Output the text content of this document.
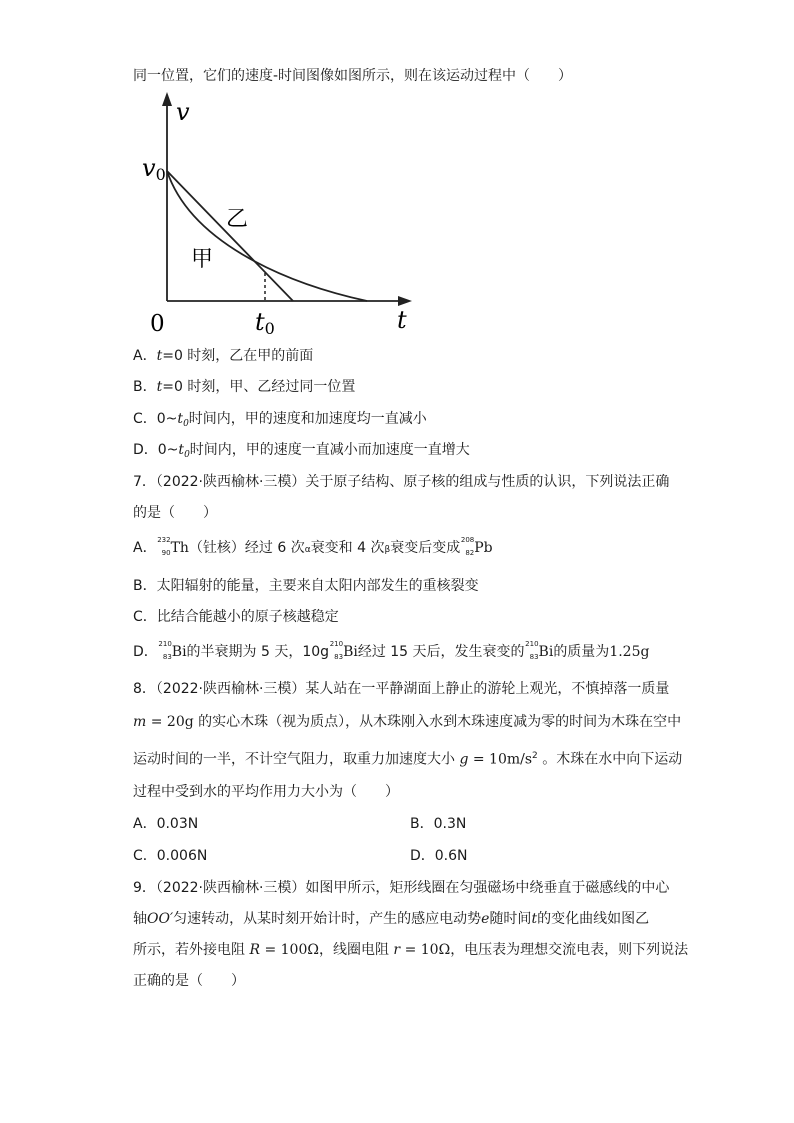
同一位置，它们的速度-时间图像如图所示，则在该运动过程中（　　）
v
t
0
v0
t0
乙
甲
A．t=0 时刻，乙在甲的前面
B．t=0 时刻，甲、乙经过同一位置
C．$0\sim t_0$时间内，甲的速度和加速度均一直减小
D．$0\sim t_0$时间内，甲的速度一直减小而加速度一直增大
7．（2022·陕西榆林·三模）关于原子结构、原子核的组成与性质的认识，下列说法正确
的是（　　）
A． 232
90 Th（钍核）经过 6 次α衰变和 4 次β衰变后变成 208
82 Pb
B．太阳辐射的能量，主要来自太阳内部发生的重核裂变
C．比结合能越小的原子核越稳定
D． 210
83 Bi的半衰期为 5 天，10g 210
83 Bi经过 15 天后，发生衰变的 210
83 Bi的质量为1.25g
8．（2022·陕西榆林·三模）某人站在一平静湖面上静止的游轮上观光，不慎掉落一质量
m = 20g 的实心木珠（视为质点），从木珠刚入水到木珠速度减为零的时间为木珠在空中
运动时间的一半，不计空气阻力，取重力加速度大小 $g = 10m/s^2$ 。木珠在水中向下运动
过程中受到水的平均作用力大小为（　　）
A．0.03N	B．0.3N
C．0.006N	D．0.6N
9．（2022·陕西榆林·三模）如图甲所示，矩形线圈在匀强磁场中绕垂直于磁感线的中心
轴OO′匀速转动，从某时刻开始计时，产生的感应电动势e随时间t的变化曲线如图乙
所示，若外接电阻 R = 100Ω，线圈电阻 r = 10Ω，电压表为理想交流电表，则下列说法
正确的是（　　）
